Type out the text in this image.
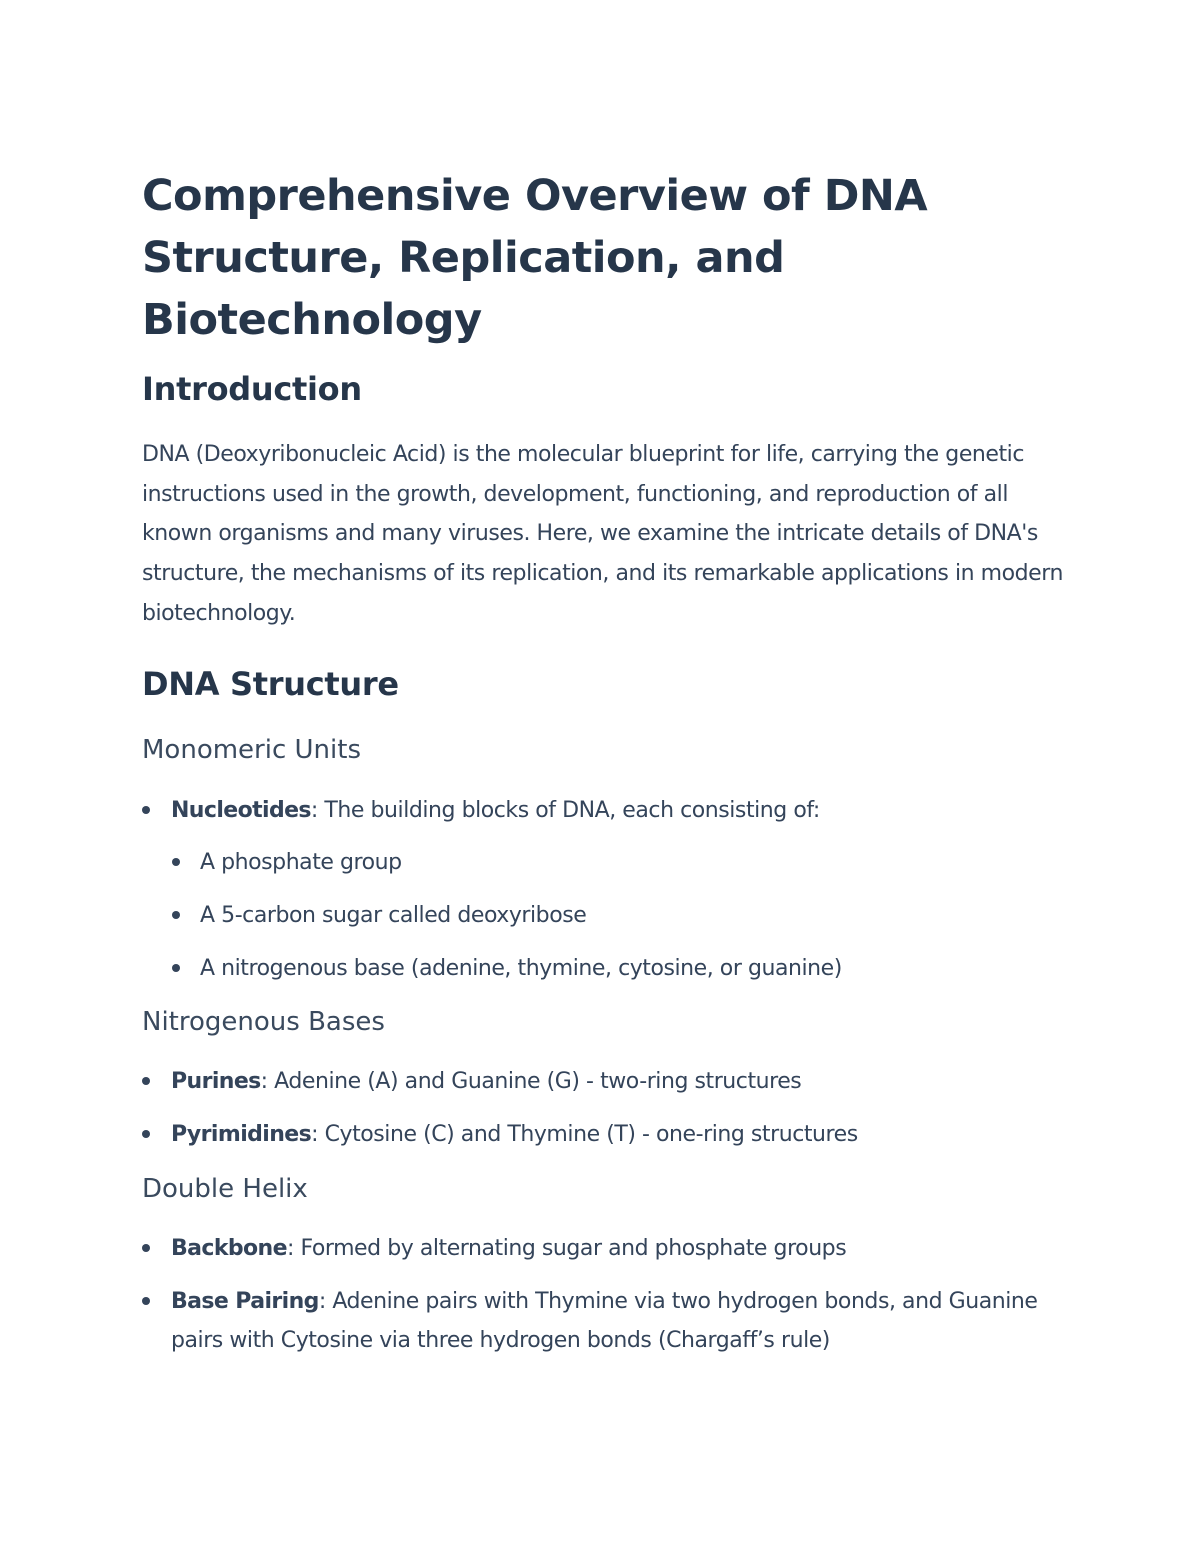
Comprehensive Overview of DNA Structure, Replication, and Biotechnology
Introduction

DNA (Deoxyribonucleic Acid) is the molecular blueprint for life, carrying the genetic instructions used in the growth, development, functioning, and reproduction of all known organisms and many viruses. Here, we examine the intricate details of DNA's structure, the mechanisms of its replication, and its remarkable applications in modern biotechnology.

DNA Structure
Monomeric Units
Nucleotides: The building blocks of DNA, each consisting of:
A phosphate group
A 5-carbon sugar called deoxyribose
A nitrogenous base (adenine, thymine, cytosine, or guanine)
Nitrogenous Bases
Purines: Adenine (A) and Guanine (G) - two-ring structures
Pyrimidines: Cytosine (C) and Thymine (T) - one-ring structures
Double Helix
Backbone: Formed by alternating sugar and phosphate groups
Base Pairing: Adenine pairs with Thymine via two hydrogen bonds, and Guanine pairs with Cytosine via three hydrogen bonds (Chargaff’s rule)
